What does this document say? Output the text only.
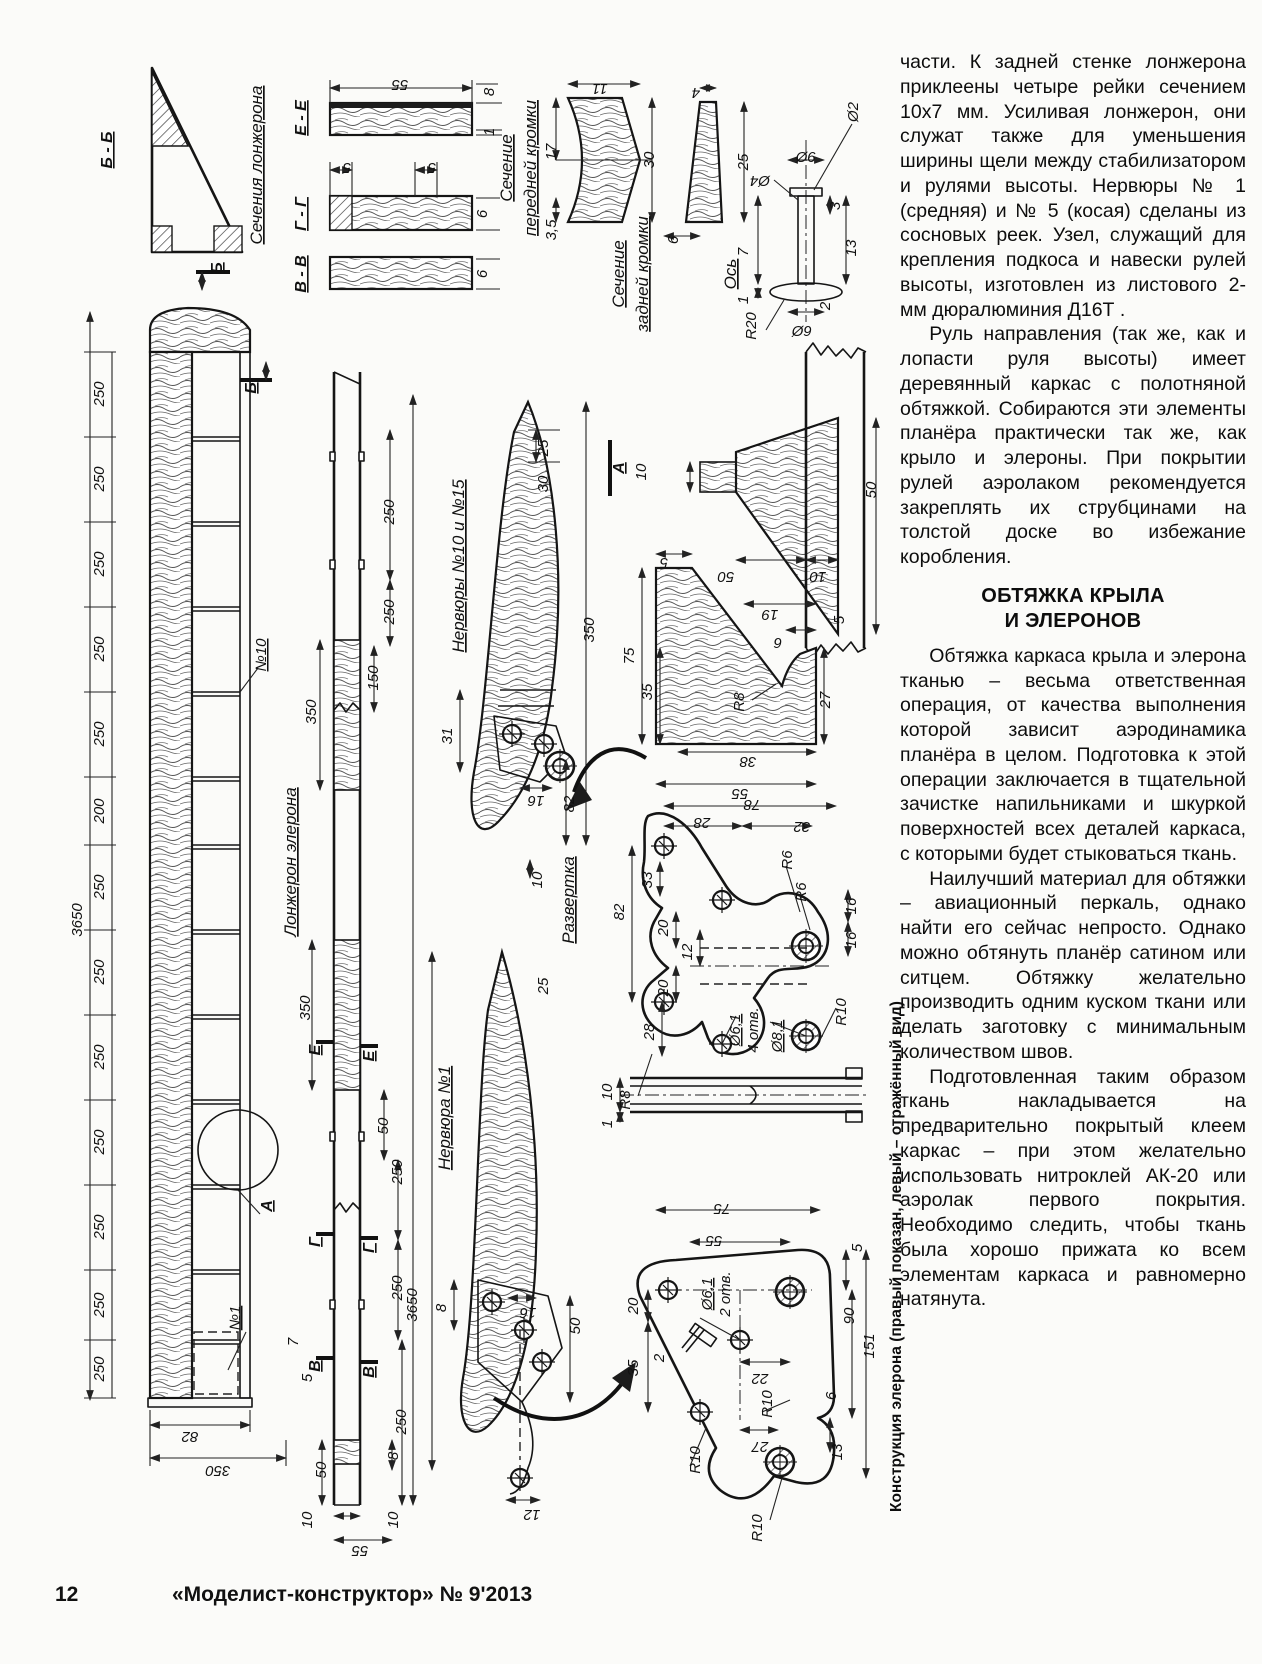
Б - Б	Сечения лонжерона Е - Е
55	8
1
Г - Г
5	5
6
В - В	6
Сечение передней кромки
11
17	30
3,5
Сечение задней кромки
4
25
6
Ось
9Ø
Ø4
Ø2
3
13
7
1
2
R20 6Ø
3650
250
250
250
250
250
200
250
250
250
250
250
250
250
№10
А
№1
Б
Б
82
350
Лонжерон элерона
250
250
150
350
350
3650
Е
Е
50
250
Г
Г
250
В
В
7
5
50
8
10
55
10
250
Нервюры №10 и №15
25
30
350
31
16 82
10
Нервюра №1
25
8	16
50
12
А 10
50	10
50
5
75
35
19
6
R8	27
5
38
55
Развертка
78
28	32
R6
R6
33
20
12
20
82
28	Ø6,1 4 отв. Ø8,1
R10
16
16
R8
10
1
75
55
Ø6,1 2 отв.
5
20
35
2
22
R10
27
R10
6
13
90
151
R10

части. К задней стенке лонжерона приклеены четыре рейки сечением 10х7 мм. Усиливая лонжерон, они служат также для уменьшения ширины щели между стабилизатором и рулями высоты. Нервюры № 1 (средняя) и № 5 (косая) сделаны из сосновых реек. Узел, служащий для крепления подкоса и навески рулей высоты, изготовлен из листового 2-мм дюралюминия Д16Т .

Руль направления (так же, как и лопасти руля высоты) имеет деревянный каркас с полотняной обтяжкой. Собираются эти элементы планёра практически так же, как крыло и элероны. При покрытии рулей аэролаком рекомендуется закреплять их струбцинами на толстой доске во избежание коробления.

ОБТЯЖКА КРЫЛА
И ЭЛЕРОНОВ

Обтяжка каркаса крыла и элерона тканью – весьма ответственная операция, от качества выполнения которой зависит аэродинамика планёра в целом. Подготовка к этой операции заключается в тщательной зачистке напильниками и шкуркой поверхностей всех деталей каркаса, с которыми будет стыковаться ткань.

Наилучший материал для обтяжки – авиационный перкаль, однако найти его сейчас непросто. Однако можно обтянуть планёр сатином или ситцем. Обтяжку желательно производить одним куском ткани или делать заготовку с минимальным количеством швов.

Подготовленная таким образом ткань накладывается на предварительно покрытый клеем каркас – при этом желательно использовать нитроклей АК-20 или аэролак первого покрытия. Необходимо следить, чтобы ткань была хорошо прижата ко всем элементам каркаса и равномерно натянута.

Конструкция элерона (правый показан, левый – отражённый вид)
12	«Моделист-конструктор» № 9'2013
